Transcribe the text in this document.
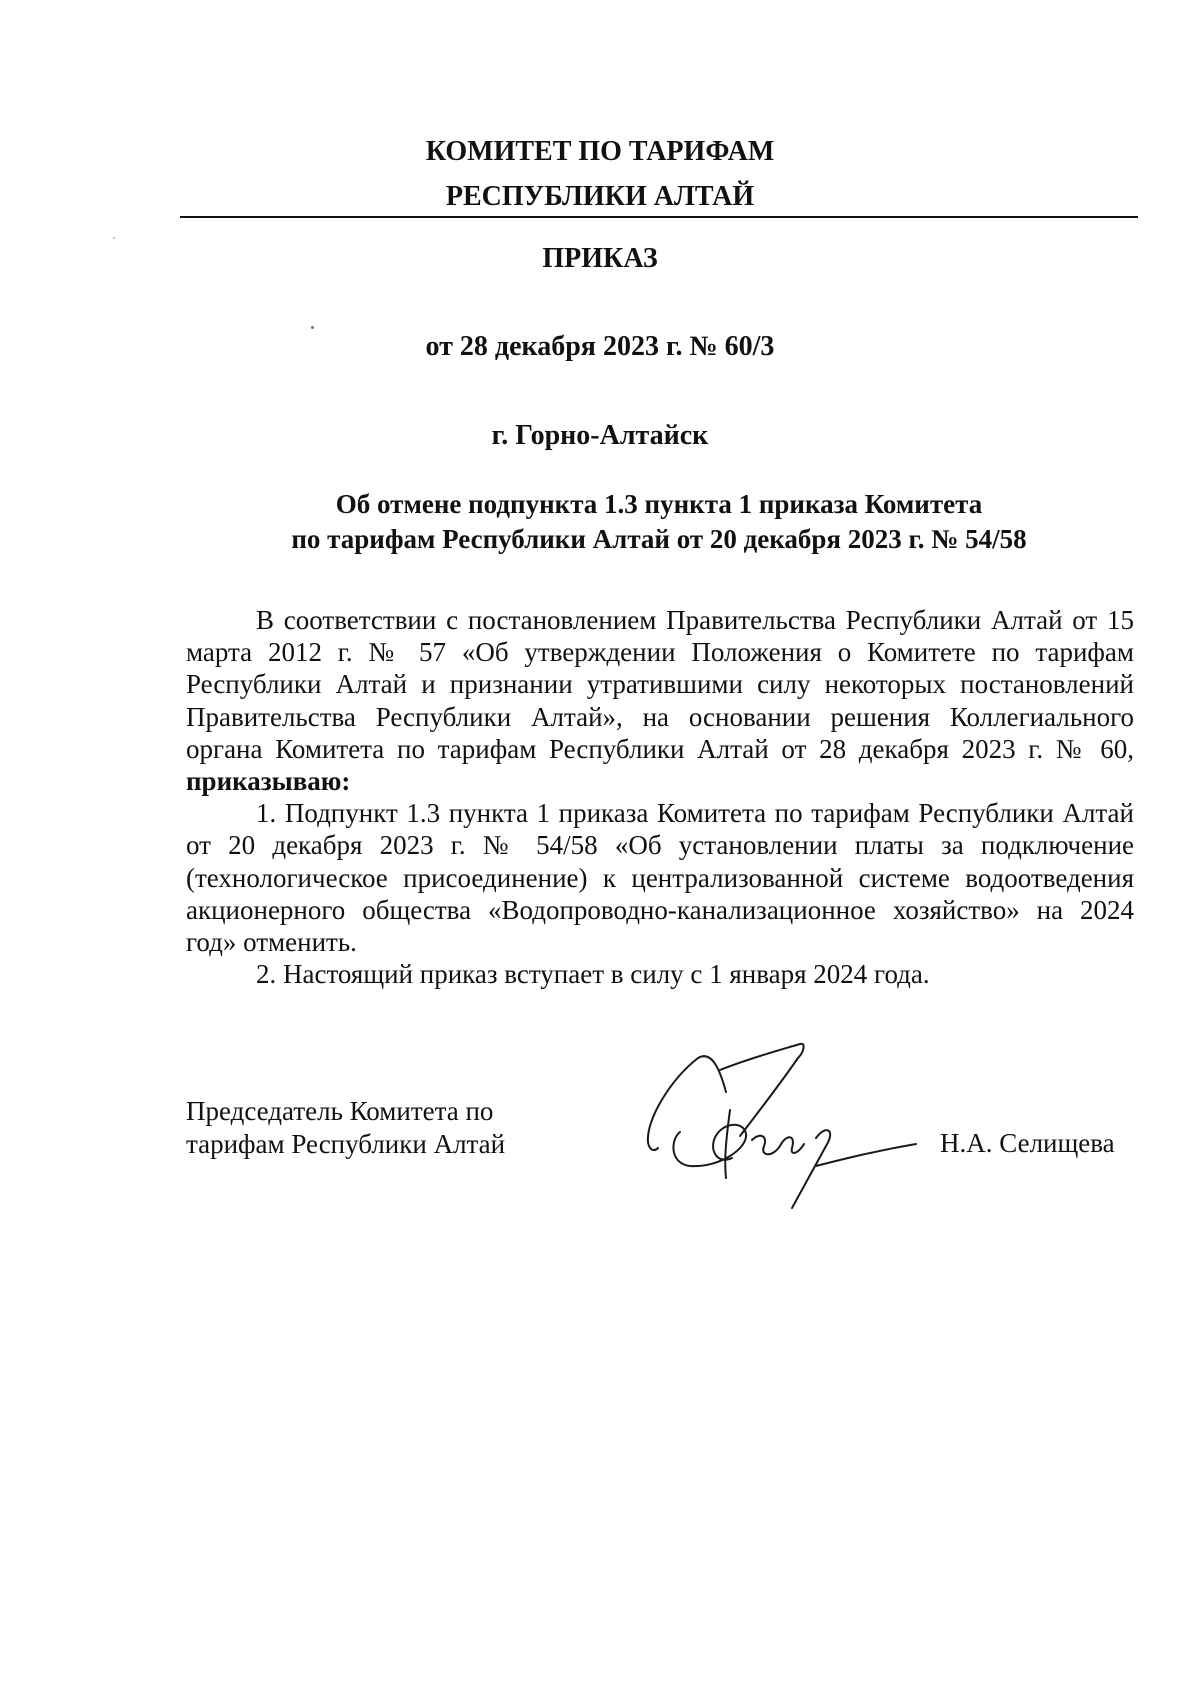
КОМИТЕТ ПО ТАРИФАМ
РЕСПУБЛИКИ АЛТАЙ
ПРИКАЗ
от 28 декабря 2023 г. № 60/3
г. Горно-Алтайск
Об отмене подпункта 1.3 пункта 1 приказа Комитета
по тарифам Республики Алтай от 20 декабря 2023 г. № 54/58

В соответствии с постановлением Правительства Республики Алтай от 15 марта 2012 г. № 57 «Об утверждении Положения о Комитете по тарифам Республики Алтай и признании утратившими силу некоторых постановлений Правительства Республики Алтай», на основании решения Коллегиального органа Комитета по тарифам Республики Алтай от 28 декабря 2023 г. № 60, приказываю:

1. Подпункт 1.3 пункта 1 приказа Комитета по тарифам Республики Алтай от 20 декабря 2023 г. № 54/58 «Об установлении платы за подключение (технологическое присоединение) к централизованной системе водоотведения акционерного общества «Водопроводно-канализационное хозяйство» на 2024 год» отменить.

2. Настоящий приказ вступает в силу с 1 января 2024 года.

Председатель Комитета по
тарифам Республики Алтай	Н.А. Селищева
